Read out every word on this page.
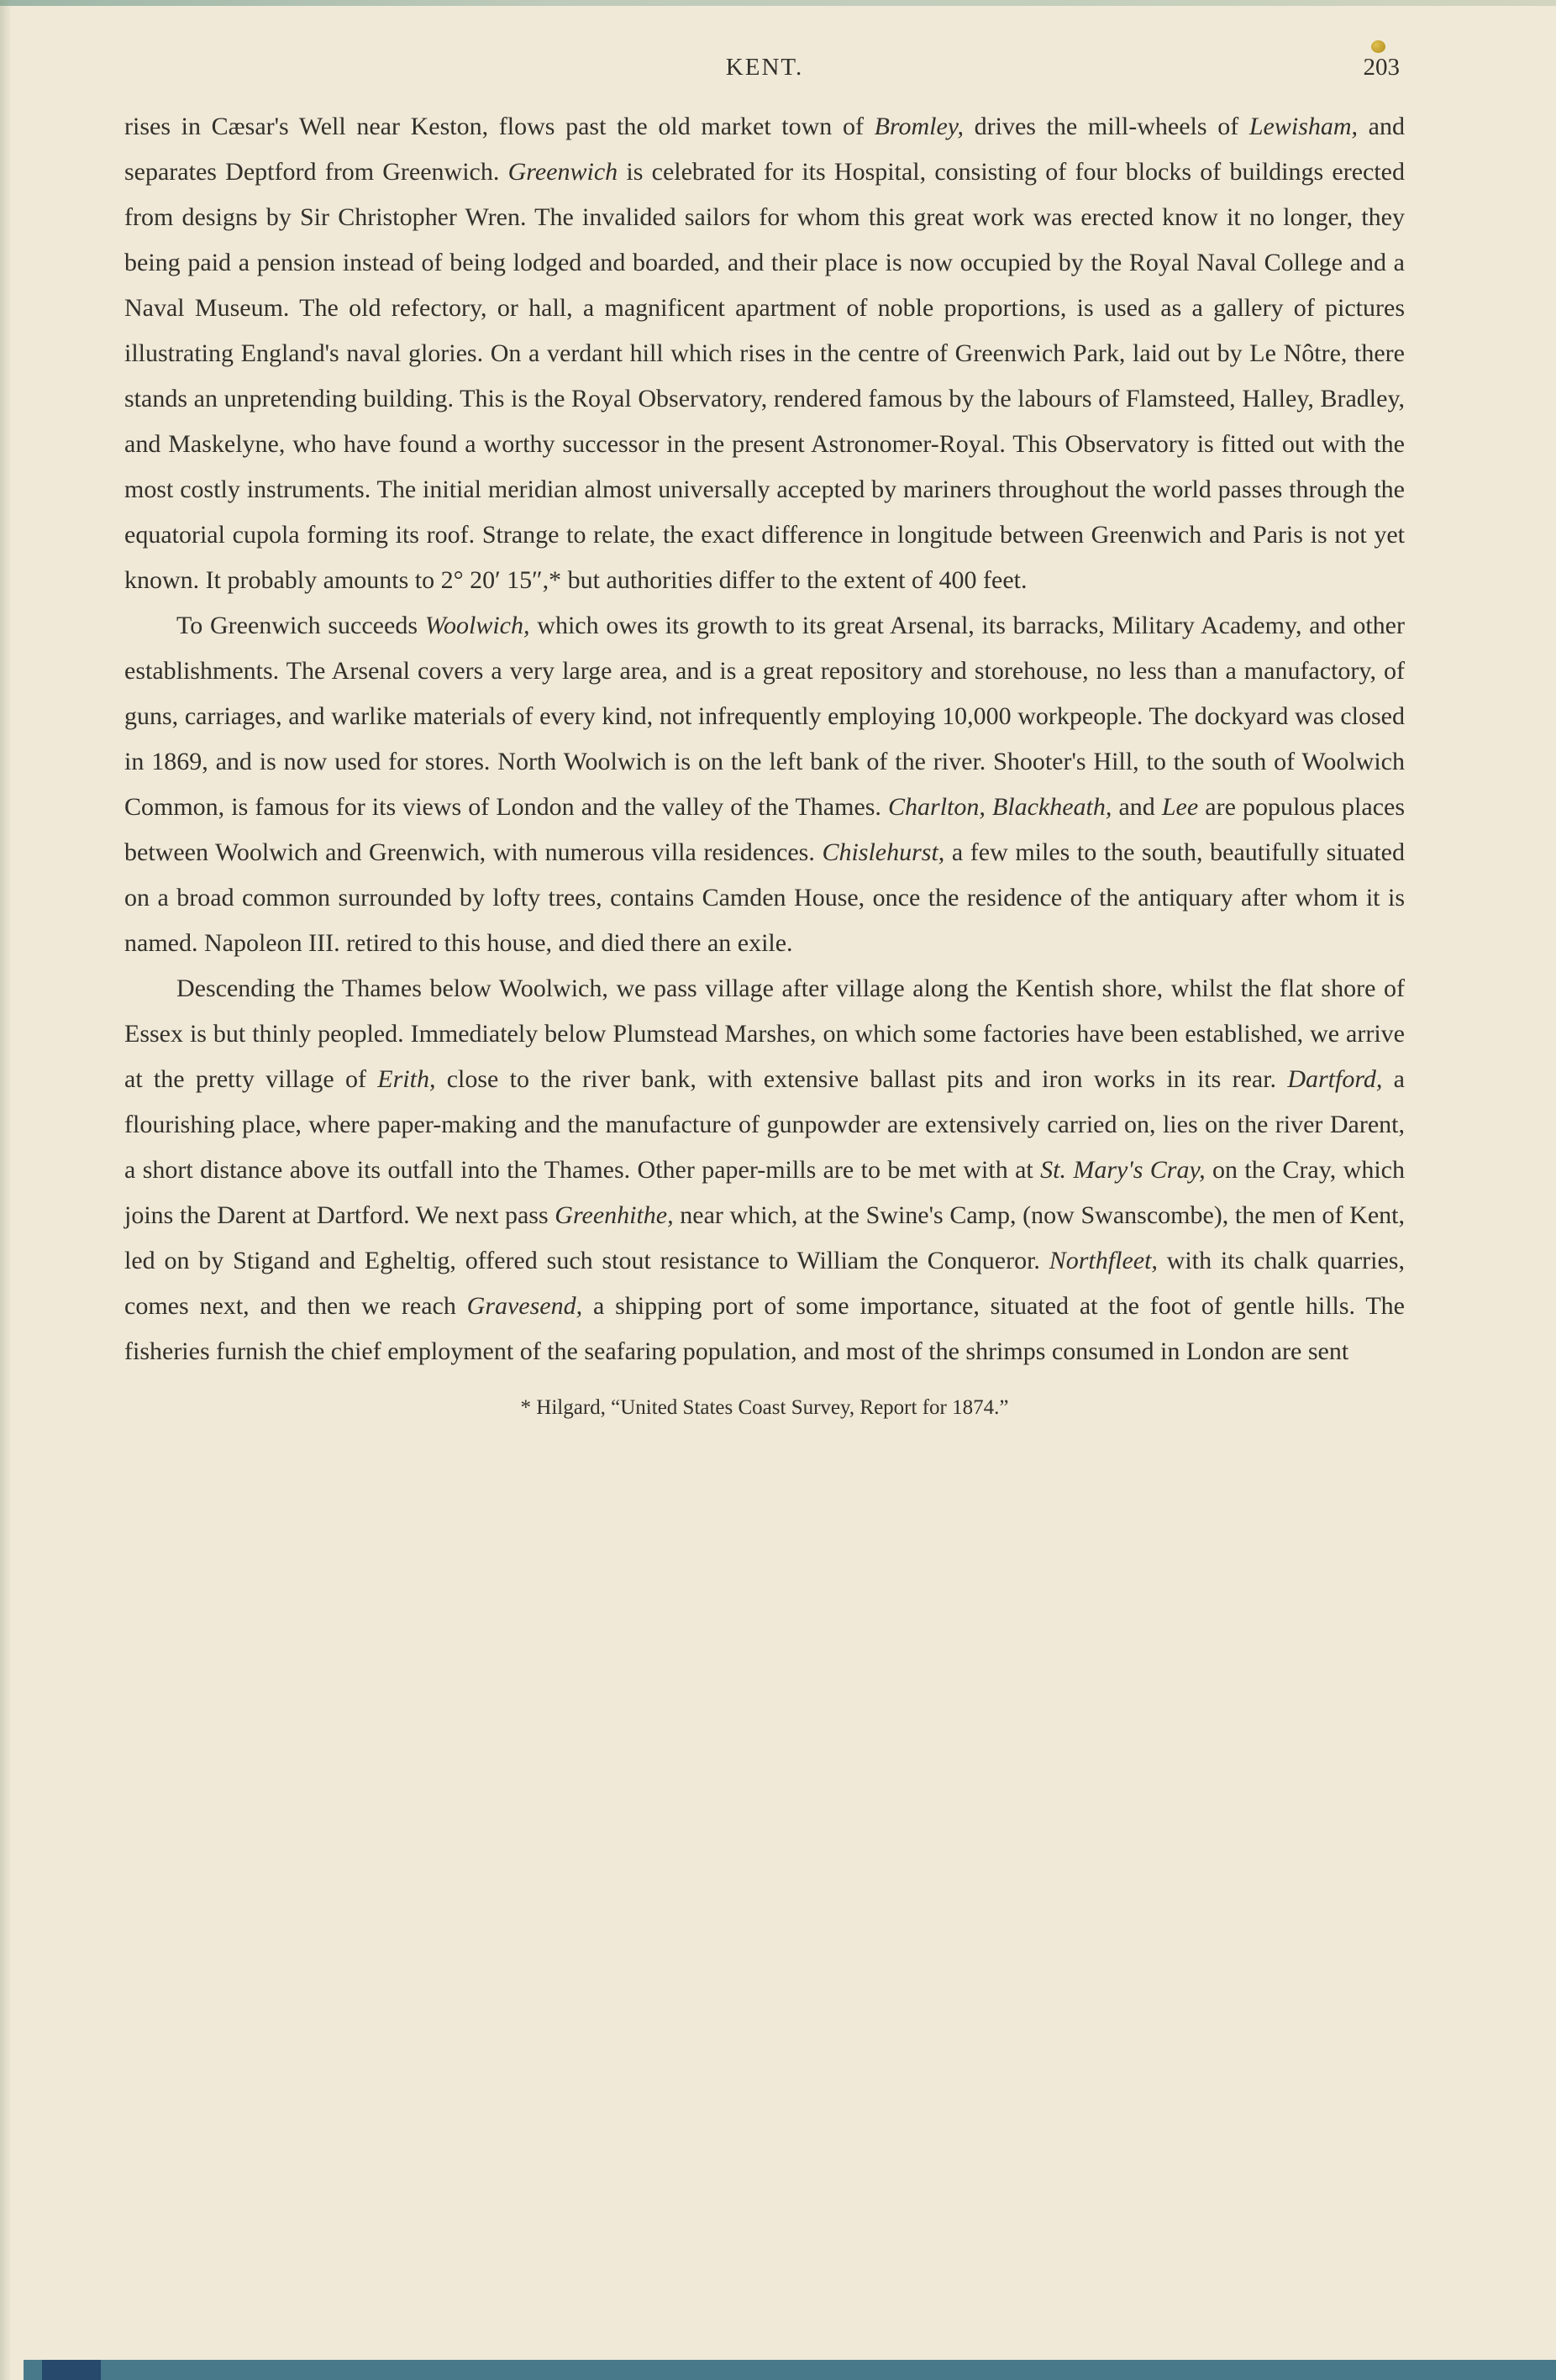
KENT.	203

rises in Cæsar's Well near Keston, flows past the old market town of Bromley, drives the mill-wheels of Lewisham, and separates Deptford from Greenwich. Greenwich is celebrated for its Hospital, consisting of four blocks of buildings erected from designs by Sir Christopher Wren. The invalided sailors for whom this great work was erected know it no longer, they being paid a pension instead of being lodged and boarded, and their place is now occupied by the Royal Naval College and a Naval Museum. The old refectory, or hall, a magnificent apartment of noble proportions, is used as a gallery of pictures illustrating England's naval glories. On a verdant hill which rises in the centre of Greenwich Park, laid out by Le Nôtre, there stands an unpretending building. This is the Royal Observatory, rendered famous by the labours of Flamsteed, Halley, Bradley, and Maskelyne, who have found a worthy successor in the present Astronomer-Royal. This Observatory is fitted out with the most costly instruments. The initial meridian almost universally accepted by mariners throughout the world passes through the equatorial cupola forming its roof. Strange to relate, the exact difference in longitude between Greenwich and Paris is not yet known. It probably amounts to 2° 20′ 15″,* but authorities differ to the extent of 400 feet.

To Greenwich succeeds Woolwich, which owes its growth to its great Arsenal, its barracks, Military Academy, and other establishments. The Arsenal covers a very large area, and is a great repository and storehouse, no less than a manufactory, of guns, carriages, and warlike materials of every kind, not infrequently employing 10,000 workpeople. The dockyard was closed in 1869, and is now used for stores. North Woolwich is on the left bank of the river. Shooter's Hill, to the south of Woolwich Common, is famous for its views of London and the valley of the Thames. Charlton, Blackheath, and Lee are populous places between Woolwich and Greenwich, with numerous villa residences. Chislehurst, a few miles to the south, beautifully situated on a broad common surrounded by lofty trees, contains Camden House, once the residence of the antiquary after whom it is named. Napoleon III. retired to this house, and died there an exile.

Descending the Thames below Woolwich, we pass village after village along the Kentish shore, whilst the flat shore of Essex is but thinly peopled. Immediately below Plumstead Marshes, on which some factories have been established, we arrive at the pretty village of Erith, close to the river bank, with extensive ballast pits and iron works in its rear. Dartford, a flourishing place, where paper-making and the manufacture of gunpowder are extensively carried on, lies on the river Darent, a short distance above its outfall into the Thames. Other paper-mills are to be met with at St. Mary's Cray, on the Cray, which joins the Darent at Dartford. We next pass Greenhithe, near which, at the Swine's Camp, (now Swanscombe), the men of Kent, led on by Stigand and Egheltig, offered such stout resistance to William the Conqueror. Northfleet, with its chalk quarries, comes next, and then we reach Gravesend, a shipping port of some importance, situated at the foot of gentle hills. The fisheries furnish the chief employment of the seafaring population, and most of the shrimps consumed in London are sent

* Hilgard, “United States Coast Survey, Report for 1874.”
